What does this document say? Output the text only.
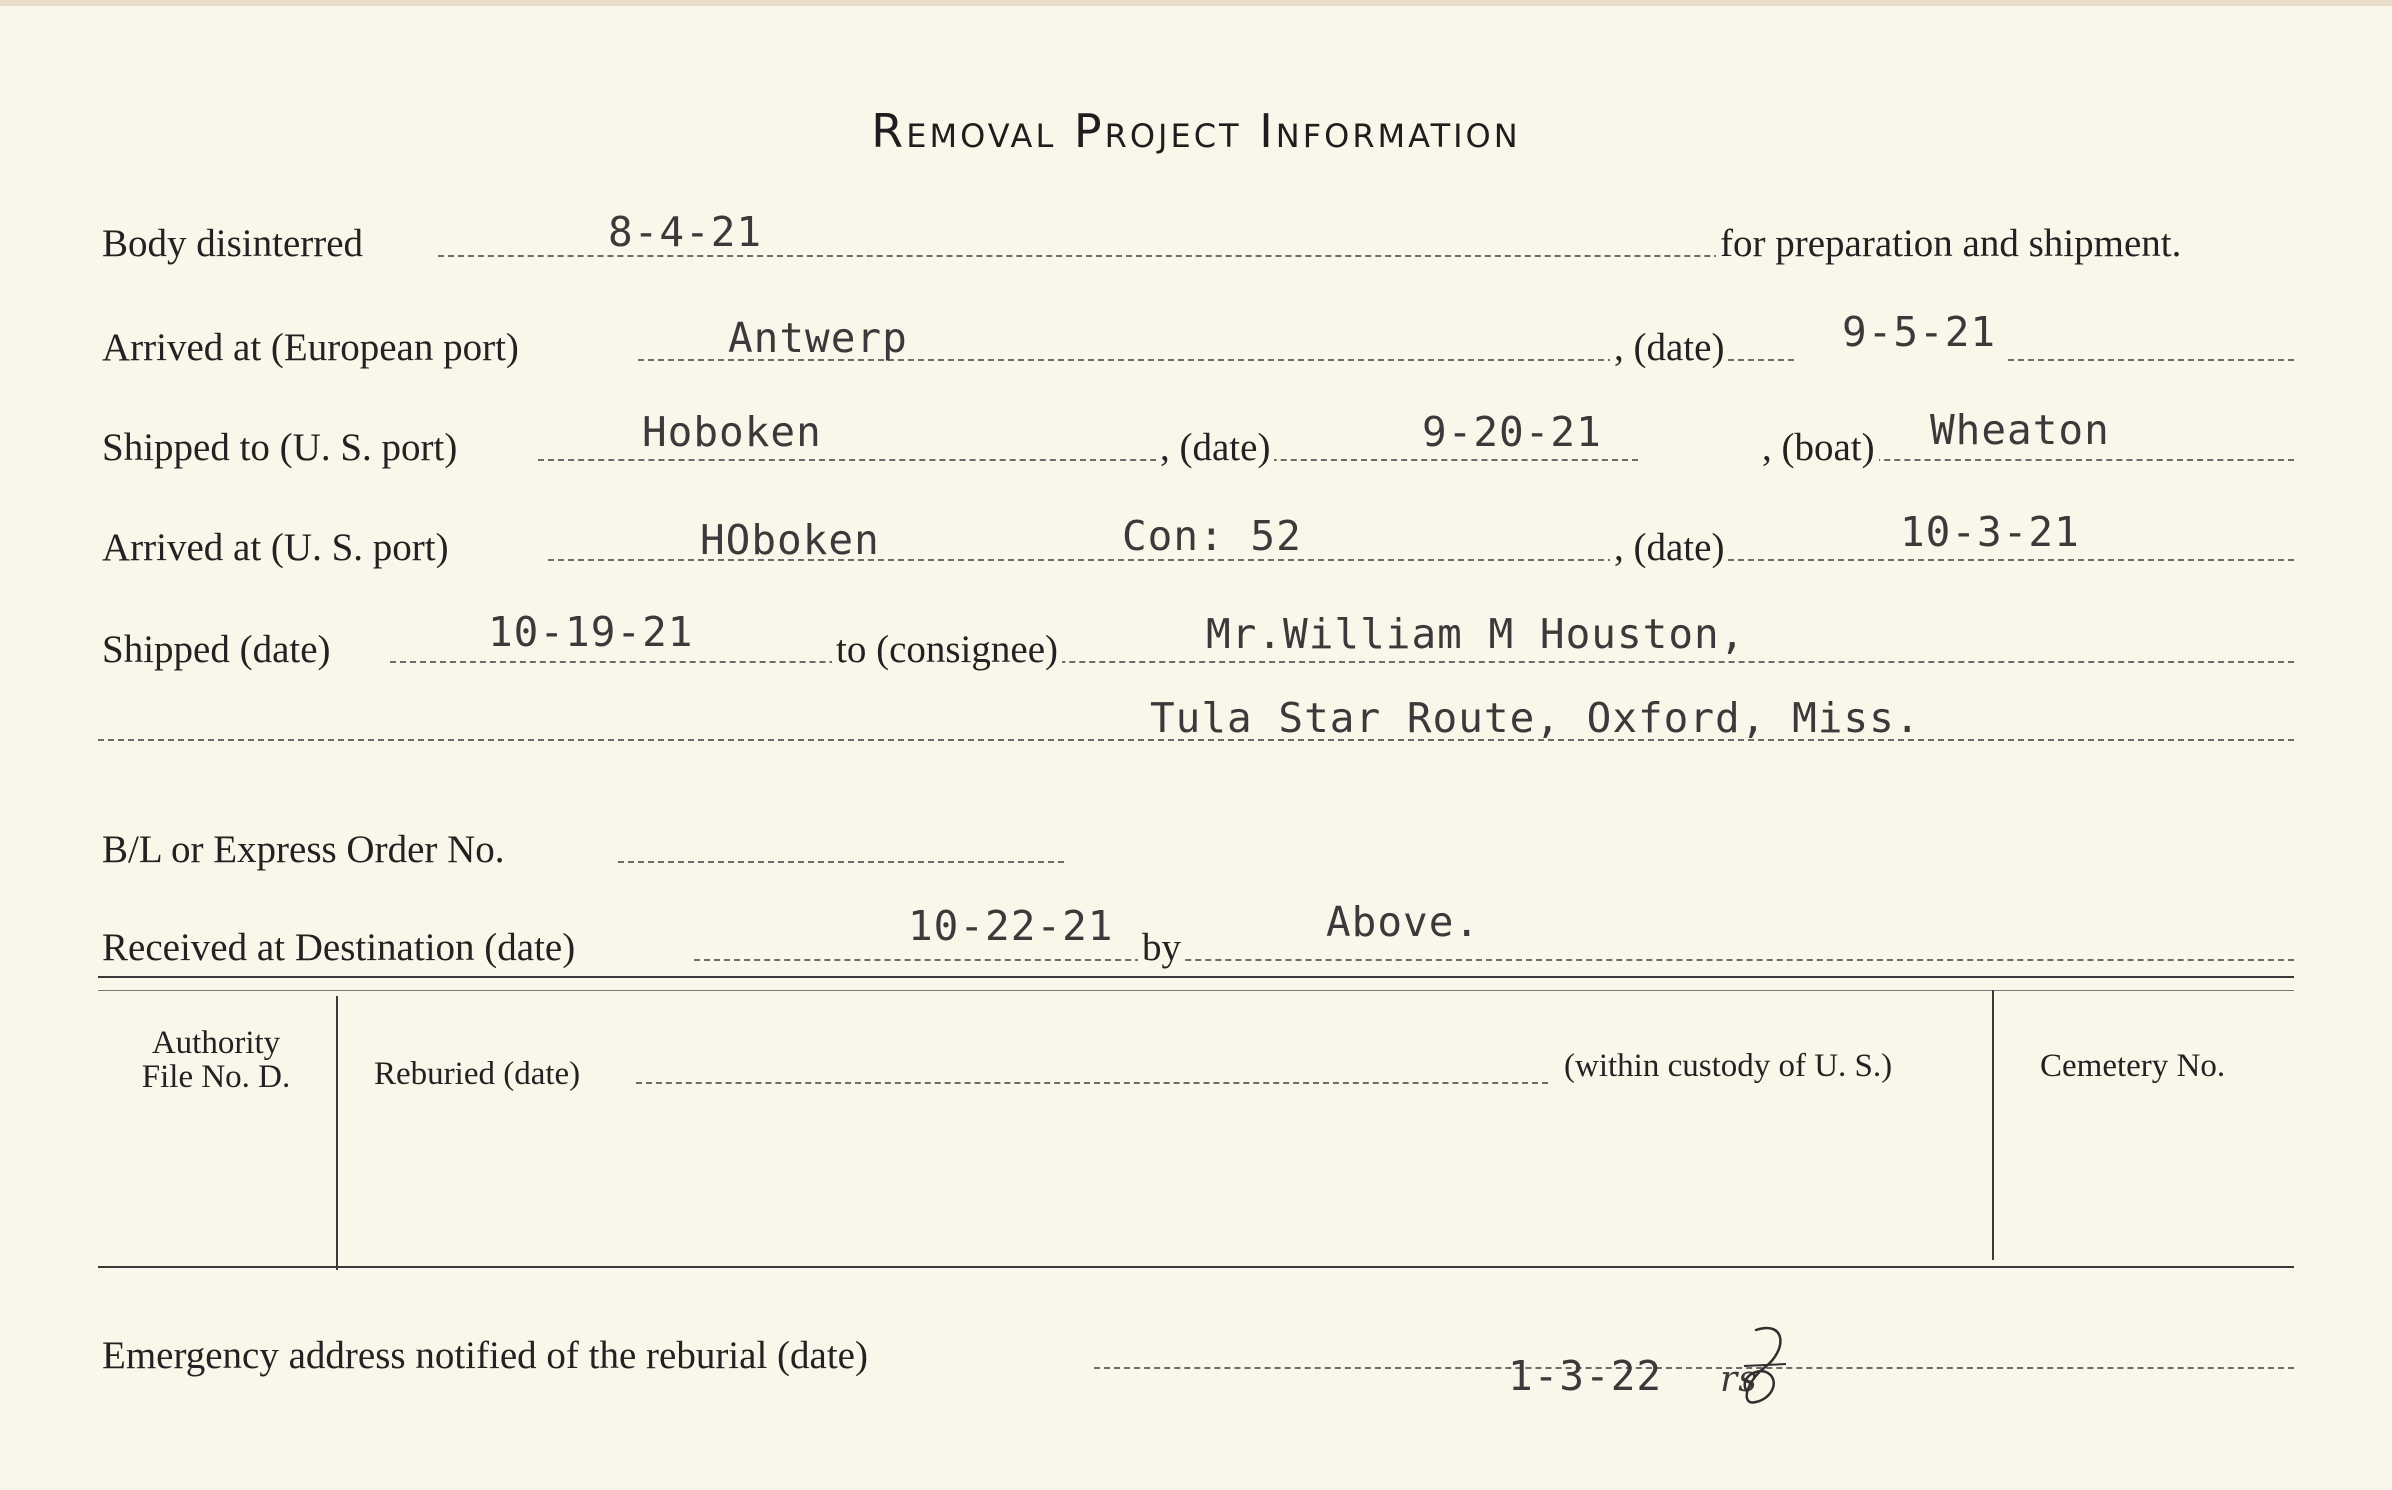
Removal Project Information
Body disinterred	8-4-21	for preparation and shipment.
Arrived at (European port)	Antwerp	, (date)	9-5-21
Shipped to (U. S. port)	Hoboken	, (date)	9-20-21	, (boat) Wheaton
Arrived at (U. S. port)	HOboken	Con: 52	, (date)	10-3-21
Shipped (date)	10-19-21	to (consignee)	Mr.William M Houston,
Tula Star Route, Oxford, Miss.
B/L or Express Order No.
Received at Destination (date)	10-22-21 by
Above.
Authority
File No. D.	Reburied (date)	(within custody of U. S.)	Cemetery No.
Emergency address notified of the reburial (date)	1-3-22 rs
